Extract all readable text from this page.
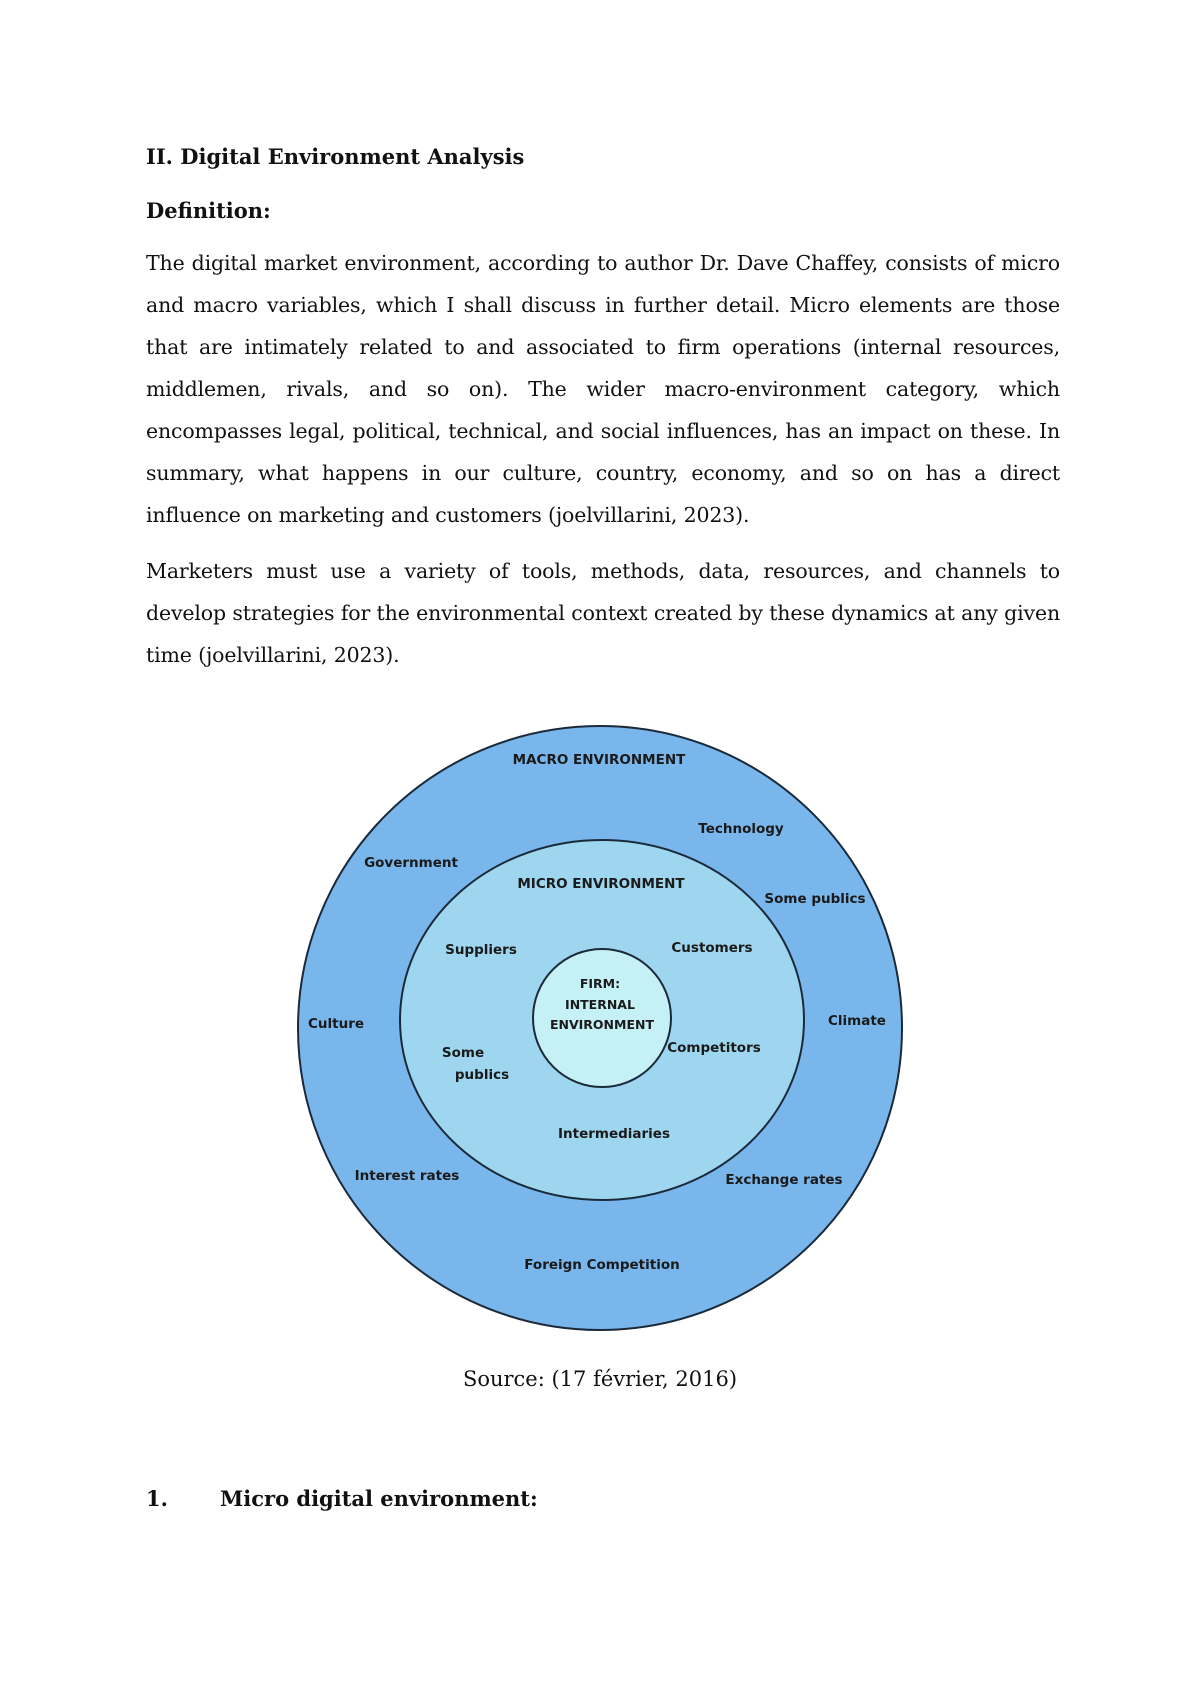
II. Digital Environment Analysis

Definition:

The digital market environment, according to author Dr. Dave Chaffey, consists of micro and macro variables, which I shall discuss in further detail. Micro elements are those that are intimately related to and associated to firm operations (internal resources, middlemen, rivals, and so on). The wider macro-environment category, which encompasses legal, political, technical, and social influences, has an impact on these. In summary, what happens in our culture, country, economy, and so on has a direct influence on marketing and customers (joelvillarini, 2023).

Marketers must use a variety of tools, methods, data, resources, and channels to develop strategies for the environmental context created by these dynamics at any given time (joelvillarini, 2023).

MACRO ENVIRONMENT
Technology
Government
Some publics
Culture	Climate
Interest rates	Exchange rates
Foreign Competition
MICRO ENVIRONMENT
Suppliers	Customers
Competitors
Some
publics
Intermediaries
FIRM:
INTERNAL
ENVIRONMENT
Source: (17 février, 2016)
1. Micro digital environment:
